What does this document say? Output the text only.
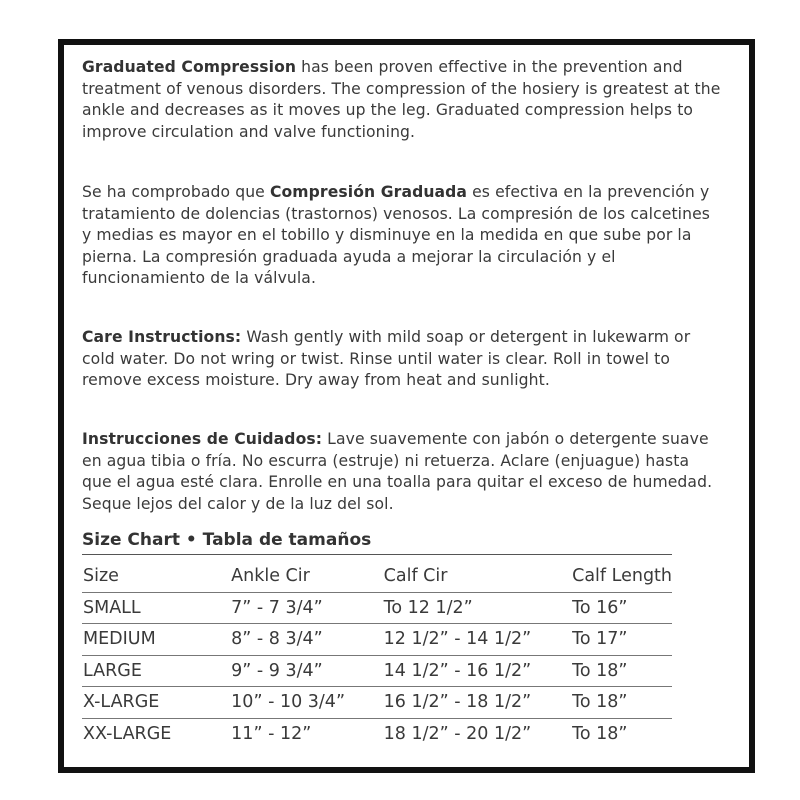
Graduated Compression has been proven effective in the prevention and treatment of venous disorders. The compression of the hosiery is greatest at the ankle and decreases as it moves up the leg. Graduated compression helps to improve circulation and valve functioning.

Se ha comprobado que Compresión Graduada es efectiva en la prevención y tratamiento de dolencias (trastornos) venosos. La compresión de los calcetines y medias es mayor en el tobillo y disminuye en la medida en que sube por la pierna. La compresión graduada ayuda a mejorar la circulación y el funcionamiento de la válvula.

Care Instructions: Wash gently with mild soap or detergent in lukewarm or cold water. Do not wring or twist. Rinse until water is clear. Roll in towel to remove excess moisture. Dry away from heat and sunlight.

Instrucciones de Cuidados: Lave suavemente con jabón o detergente suave en agua tibia o fría. No escurra (estruje) ni retuerza. Aclare (enjuague) hasta que el agua esté clara. Enrolle en una toalla para quitar el exceso de humedad. Seque lejos del calor y de la luz del sol.

Size Chart • Tabla de tamaños
Size	Ankle Cir	Calf Cir	Calf Length
SMALL	7” - 7 3/4”	To 12 1/2”	To 16”
MEDIUM	8” - 8 3/4”	12 1/2” - 14 1/2”	To 17”
LARGE	9” - 9 3/4”	14 1/2” - 16 1/2”	To 18”
X-LARGE	10” - 10 3/4”	16 1/2” - 18 1/2”	To 18”
XX-LARGE	11” - 12”	18 1/2” - 20 1/2”	To 18”
